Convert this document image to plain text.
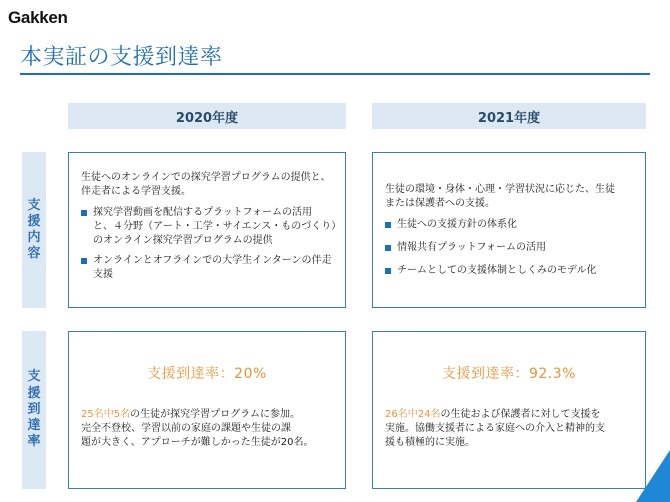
Gakken
本実証の支援到達率
2020年度	2021年度
支
援
内
容
支
援
到
達
率
生徒へのオンラインでの探究学習プログラムの提供と、
伴走者による学習支援。
探究学習動画を配信するプラットフォームの活用
と、４分野（アート・工学・サイエンス・ものづくり）
のオンライン探究学習プログラムの提供
オンラインとオフラインでの大学生インターンの伴走
支援
生徒の環境・身体・心理・学習状況に応じた、生徒
または保護者への支援。
生徒への支援方針の体系化
情報共有プラットフォームの活用
チームとしての支援体制としくみのモデル化
支援到達率：20%
25名中5名の生徒が探究学習プログラムに参加。
完全不登校、学習以前の家庭の課題や生徒の課
題が大きく、アプローチが難しかった生徒が20名。
支援到達率：92.3%
26名中24名の生徒および保護者に対して支援を
実施。協働支援者による家庭への介入と精神的支
援も積極的に実施。
